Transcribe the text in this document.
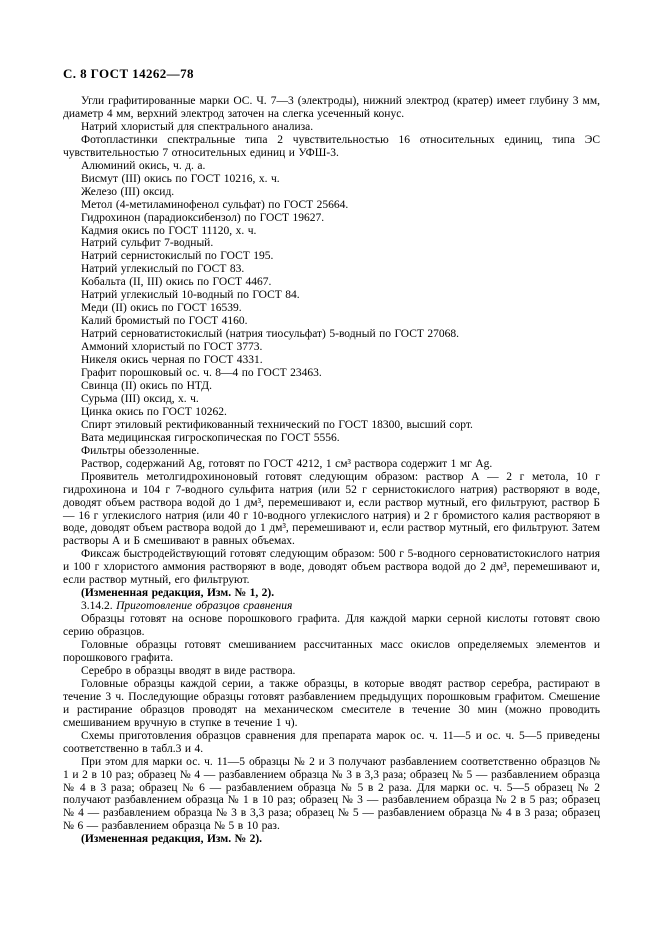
С. 8 ГОСТ 14262—78

Угли графитированные марки ОС. Ч. 7—3 (электроды), нижний электрод (кратер) имеет глубину 3 мм, диаметр 4 мм, верхний электрод заточен на слегка усеченный конус.

Натрий хлористый для спектрального анализа.

Фотопластинки спектральные типа 2 чувствительностью 16 относительных единиц, типа ЭС чувствительностью 7 относительных единиц и УФШ-3.

Алюминий окись, ч. д. а.

Висмут (III) окись по ГОСТ 10216, х. ч.

Железо (III) оксид.

Метол (4-метиламинофенол сульфат) по ГОСТ 25664.

Гидрохинон (парадиоксибензол) по ГОСТ 19627.

Кадмия окись по ГОСТ 11120, х. ч.

Натрий сульфит 7-водный.

Натрий сернистокислый по ГОСТ 195.

Натрий углекислый по ГОСТ 83.

Кобальта (II, III) окись по ГОСТ 4467.

Натрий углекислый 10-водный по ГОСТ 84.

Меди (II) окись по ГОСТ 16539.

Калий бромистый по ГОСТ 4160.

Натрий серноватистокислый (натрия тиосульфат) 5-водный по ГОСТ 27068.

Аммоний хлористый по ГОСТ 3773.

Никеля окись черная по ГОСТ 4331.

Графит порошковый ос. ч. 8—4 по ГОСТ 23463.

Свинца (II) окись по НТД.

Сурьма (III) оксид, х. ч.

Цинка окись по ГОСТ 10262.

Спирт этиловый ректификованный технический по ГОСТ 18300, высший сорт.

Вата медицинская гигроскопическая по ГОСТ 5556.

Фильтры обеззоленные.

Раствор, содержаний Ag, готовят по ГОСТ 4212, 1 см³ раствора содержит 1 мг Ag.

Проявитель метолгидрохиноновый готовят следующим образом: раствор А — 2 г метола, 10 г гидрохинона и 104 г 7-водного сульфита натрия (или 52 г сернистокислого натрия) растворяют в воде, доводят объем раствора водой до 1 дм³, перемешивают и, если раствор мутный, его фильтруют, раствор Б — 16 г углекислого натрия (или 40 г 10-водного углекислого натрия) и 2 г бромистого калия растворяют в воде, доводят объем раствора водой до 1 дм³, перемешивают и, если раствор мутный, его фильтруют. Затем растворы А и Б смешивают в равных объемах.

Фиксаж быстродействующий готовят следующим образом: 500 г 5-водного серноватистокислого натрия и 100 г хлористого аммония растворяют в воде, доводят объем раствора водой до 2 дм³, перемешивают и, если раствор мутный, его фильтруют.

(Измененная редакция, Изм. № 1, 2).

3.14.2. Приготовление образцов сравнения

Образцы готовят на основе порошкового графита. Для каждой марки серной кислоты готовят свою серию образцов.

Головные образцы готовят смешиванием рассчитанных масс окислов определяемых элементов и порошкового графита.

Серебро в образцы вводят в виде раствора.

Головные образцы каждой серии, а также образцы, в которые вводят раствор серебра, растирают в течение 3 ч. Последующие образцы готовят разбавлением предыдущих порошковым графитом. Смешение и растирание образцов проводят на механическом смесителе в течение 30 мин (можно проводить смешиванием вручную в ступке в течение 1 ч).

Схемы приготовления образцов сравнения для препарата марок ос. ч. 11—5 и ос. ч. 5—5 приведены соответственно в табл.3 и 4.

При этом для марки ос. ч. 11—5 образцы № 2 и 3 получают разбавлением соответственно образцов № 1 и 2 в 10 раз; образец № 4 — разбавлением образца № 3 в 3,3 раза; образец № 5 — разбавлением образца № 4 в 3 раза; образец № 6 — разбавлением образца № 5 в 2 раза. Для марки ос. ч. 5—5 образец № 2 получают разбавлением образца № 1 в 10 раз; образец № 3 — разбавлением образца № 2 в 5 раз; образец № 4 — разбавлением образца № 3 в 3,3 раза; образец № 5 — разбавлением образца № 4 в 3 раза; образец № 6 — разбавлением образца № 5 в 10 раз.

(Измененная редакция, Изм. № 2).
